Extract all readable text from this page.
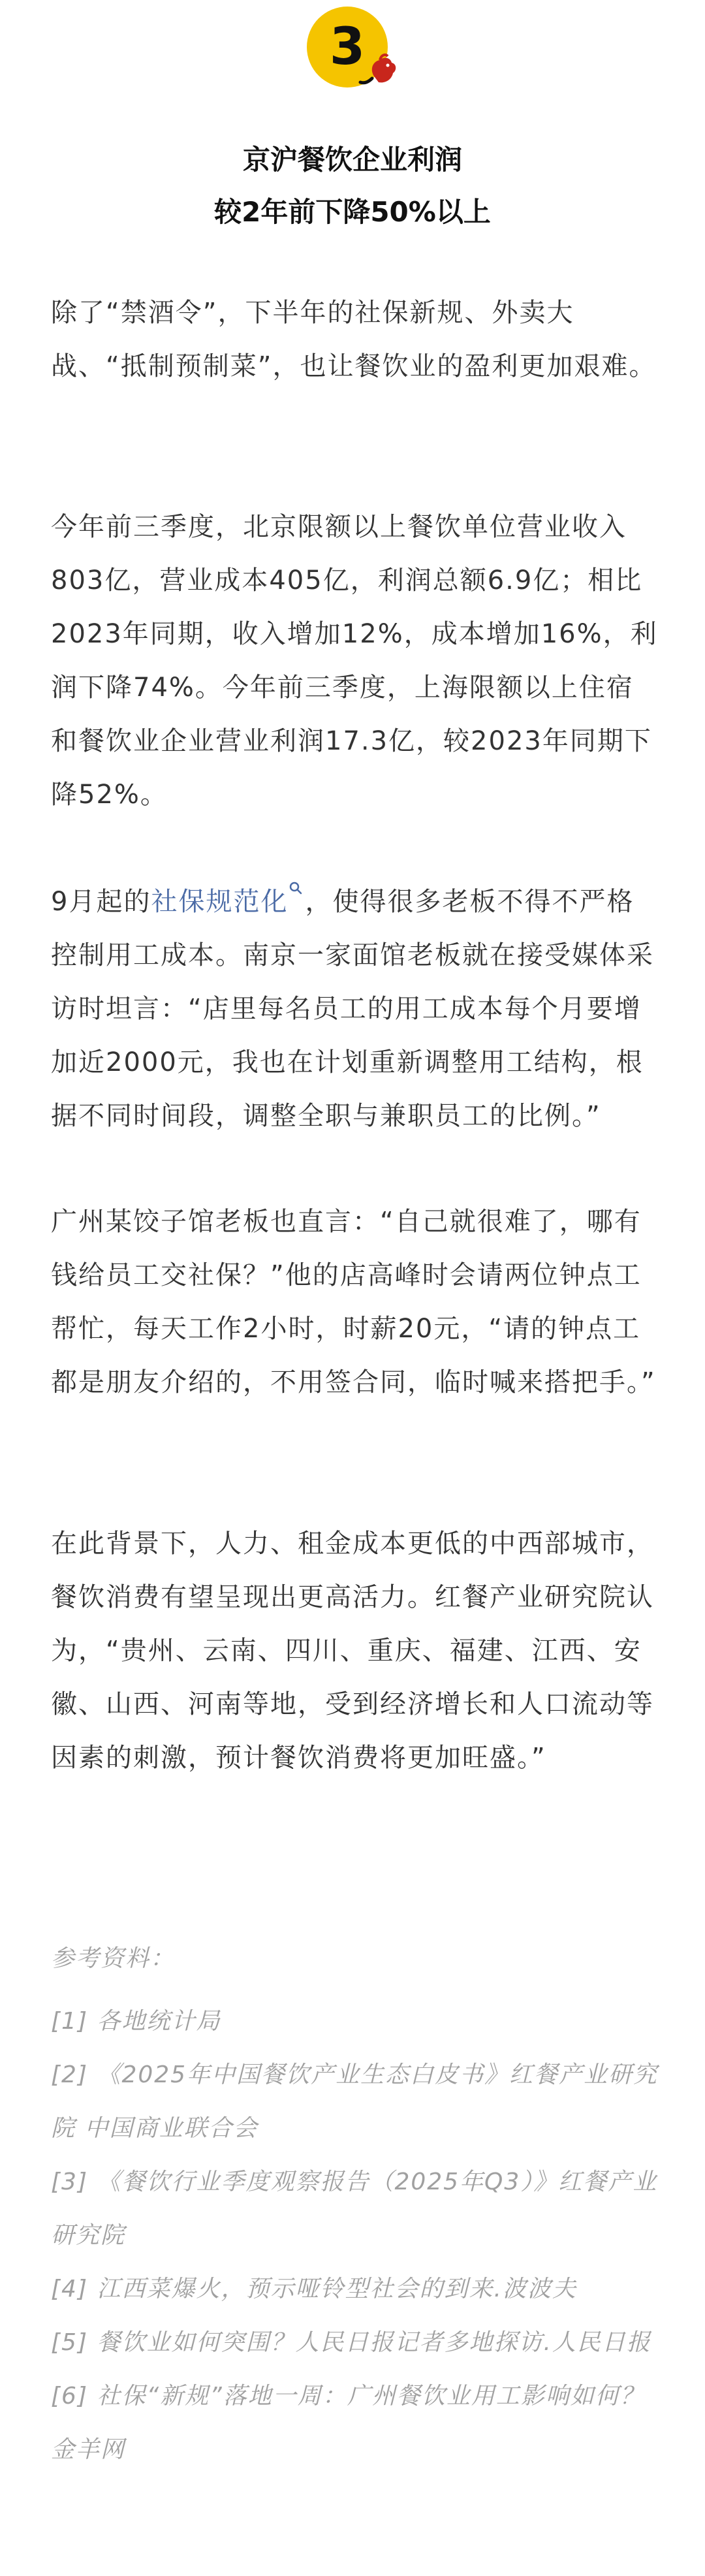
3
京沪餐饮企业利润
较2年前下降50%以上

除了“禁酒令”，下半年的社保新规、外卖大战、“抵制预制菜”，也让餐饮业的盈利更加艰难。

今年前三季度，北京限额以上餐饮单位营业收入803亿，营业成本405亿，利润总额6.9亿；相比2023年同期，收入增加12%，成本增加16%，利润下降74%。今年前三季度，上海限额以上住宿和餐饮业企业营业利润17.3亿，较2023年同期下降52%。

9月起的社保规范化 ，使得很多老板不得不严格控制用工成本。南京一家面馆老板就在接受媒体采访时坦言：“店里每名员工的用工成本每个月要增加近2000元，我也在计划重新调整用工结构，根据不同时间段，调整全职与兼职员工的比例。”

广州某饺子馆老板也直言：“自己就很难了，哪有钱给员工交社保？”他的店高峰时会请两位钟点工帮忙，每天工作2小时，时薪20元，“请的钟点工都是朋友介绍的，不用签合同，临时喊来搭把手。”

在此背景下，人力、租金成本更低的中西部城市，餐饮消费有望呈现出更高活力。红餐产业研究院认为，“贵州、云南、四川、重庆、福建、江西、安徽、山西、河南等地，受到经济增长和人口流动等因素的刺激，预计餐饮消费将更加旺盛。”

参考资料：
[1] 各地统计局
[2] 《2025年中国餐饮产业生态白皮书》红餐产业研究院 中国商业联合会
[3] 《餐饮行业季度观察报告（2025年Q3）》红餐产业研究院
[4] 江西菜爆火，预示哑铃型社会的到来.波波夫
[5] 餐饮业如何突围？人民日报记者多地探访.人民日报
[6] 社保“新规”落地一周：广州餐饮业用工影响如何？金羊网
